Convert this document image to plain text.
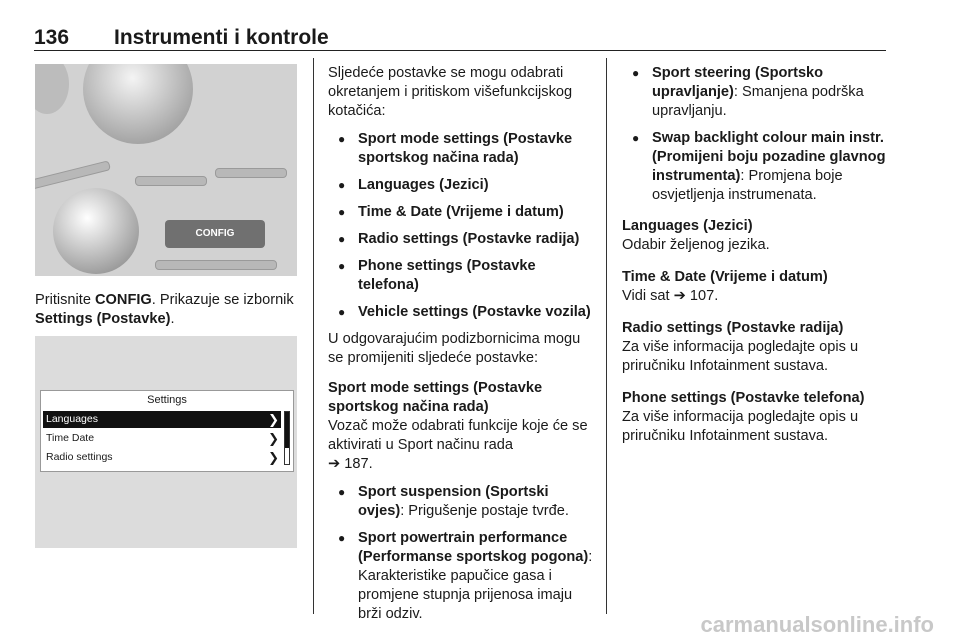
136 Instrumenti i kontrole
CONFIG
Pritisnite CONFIG. Prikazuje se izbornik Settings (Postavke).
Settings
Languages	❯
Time Date	❯
Radio settings	❯

Sljedeće postavke se mogu odabrati okretanjem i pritiskom višefunkcijskog kotačića:

● Sport mode settings (Postavke sportskog načina rada)
● Languages (Jezici)
● Time & Date (Vrijeme i datum)
● Radio settings (Postavke radija)
● Phone settings (Postavke telefona)
● Vehicle settings (Postavke vozila)

U odgovarajućim podizbornicima mogu se promijeniti sljedeće postavke:

Sport mode settings (Postavke sportskog načina rada)

Vozač može odabrati funkcije koje će se aktivirati u Sport načinu rada
➔ 187.

● Sport suspension (Sportski ovjes): Prigušenje postaje tvrđe.
● Sport powertrain performance (Performanse sportskog pogona): Karakteristike papučice gasa i promjene stupnja prijenosa imaju brži odziv.
● Sport steering (Sportsko upravljanje): Smanjena podrška upravljanju.
● Swap backlight colour main instr. (Promijeni boju pozadine glavnog instrumenta): Promjena boje osvjetljenja instrumenata.
Languages (Jezici)
Odabir željenog jezika.
Time & Date (Vrijeme i datum)
Vidi sat ➔ 107.
Radio settings (Postavke radija)
Za više informacija pogledajte opis u priručniku Infotainment sustava.
Phone settings (Postavke telefona)
Za više informacija pogledajte opis u priručniku Infotainment sustava.
carmanualsonline.info
